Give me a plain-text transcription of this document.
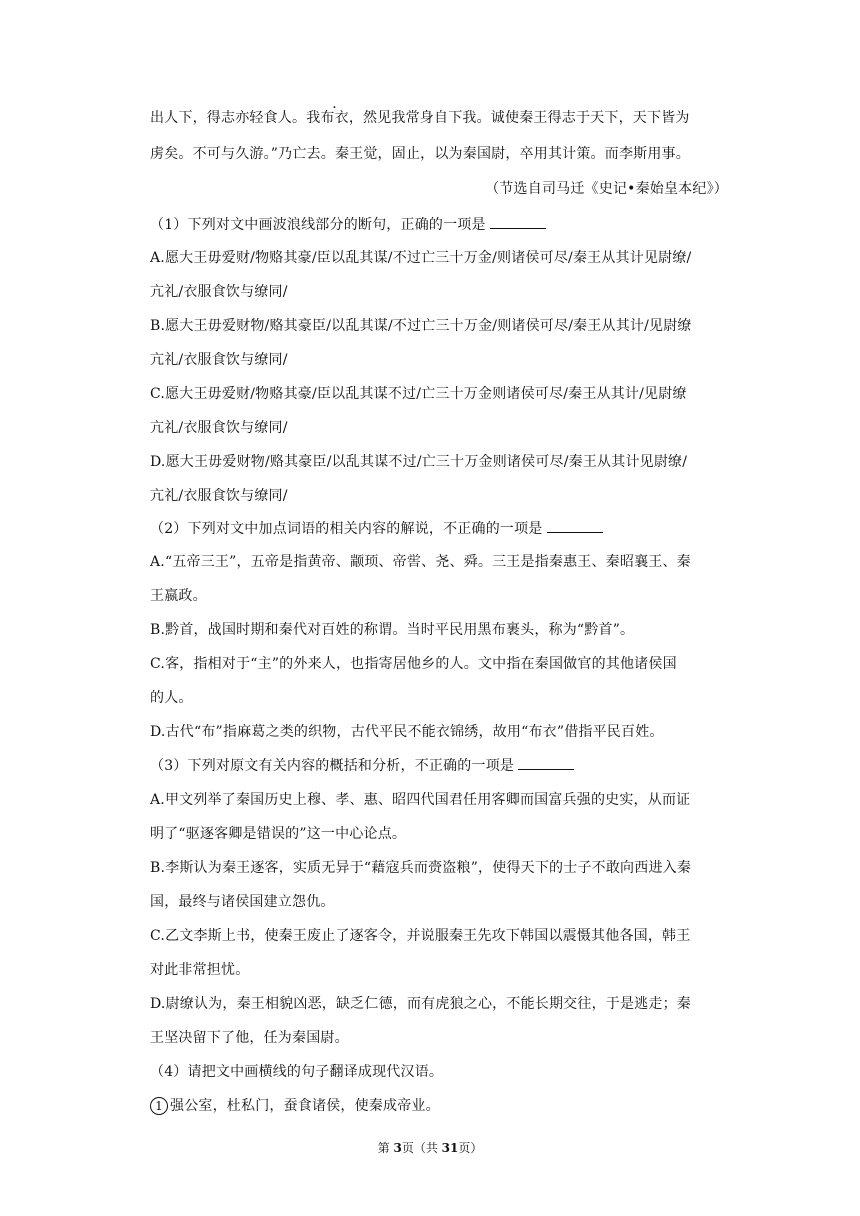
出人下，得志亦轻食人。我布衣，然见我常身自下我。诚使秦王得志于天下，天下皆为
虏矣。不可与久游。”乃亡去。秦王觉，固止，以为秦国尉，卒用其计策。而李斯用事。
（节选自司马迁《史记•秦始皇本纪》）
（1）下列对文中画波浪线部分的断句，正确的一项是
A.愿大王毋爱财/物赂其豪/臣以乱其谋/不过亡三十万金/则诸侯可尽/秦王从其计见尉缭/
亢礼/衣服食饮与缭同/
B.愿大王毋爱财物/赂其豪臣/以乱其谋/不过亡三十万金/则诸侯可尽/秦王从其计/见尉缭
亢礼/衣服食饮与缭同/
C.愿大王毋爱财/物赂其豪/臣以乱其谋不过/亡三十万金则诸侯可尽/秦王从其计/见尉缭
亢礼/衣服食饮与缭同/
D.愿大王毋爱财物/赂其豪臣/以乱其谋不过/亡三十万金则诸侯可尽/秦王从其计见尉缭/
亢礼/衣服食饮与缭同/
（2）下列对文中加点词语的相关内容的解说，不正确的一项是
A.“五帝三王”，五帝是指黄帝、颛顼、帝喾、尧、舜。三王是指秦惠王、秦昭襄王、秦
王嬴政。
B.黔首，战国时期和秦代对百姓的称谓。当时平民用黑布裹头，称为“黔首”。
C.客，指相对于“主”的外来人，也指寄居他乡的人。文中指在秦国做官的其他诸侯国
的人。
D.古代“布”指麻葛之类的织物，古代平民不能衣锦绣，故用“布衣”借指平民百姓。
（3）下列对原文有关内容的概括和分析，不正确的一项是
A.甲文列举了秦国历史上穆、孝、惠、昭四代国君任用客卿而国富兵强的史实，从而证
明了“驱逐客卿是错误的”这一中心论点。
B.李斯认为秦王逐客，实质无异于“藉寇兵而赍盗粮”，使得天下的士子不敢向西进入秦
国，最终与诸侯国建立怨仇。
C.乙文李斯上书，使秦王废止了逐客令，并说服秦王先攻下韩国以震慑其他各国，韩王
对此非常担忧。
D.尉缭认为，秦王相貌凶恶，缺乏仁德，而有虎狼之心，不能长期交往，于是逃走；秦
王坚决留下了他，任为秦国尉。
（4）请把文中画横线的句子翻译成现代汉语。
1 强公室，杜私门，蚕食诸侯，使秦成帝业。
第 3页（共 31页）
